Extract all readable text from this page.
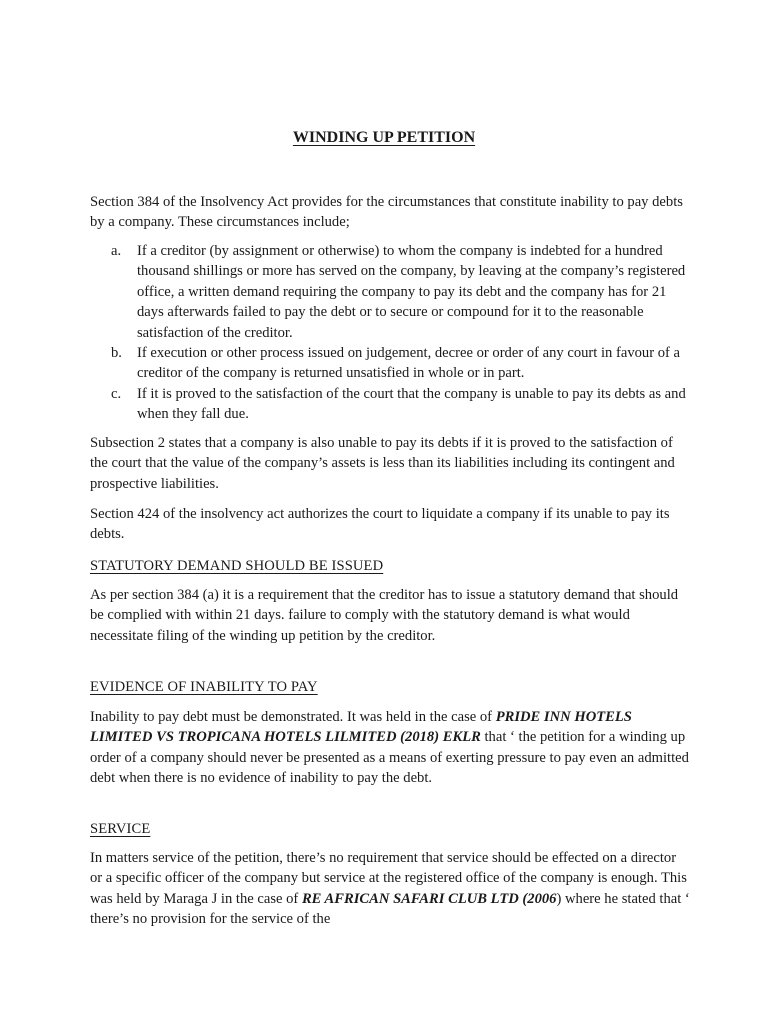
WINDING UP PETITION

Section 384 of the Insolvency Act provides for the circumstances that constitute inability to pay debts by a company. These circumstances include;

a. If a creditor (by assignment or otherwise) to whom the company is indebted for a hundred thousand shillings or more has served on the company, by leaving at the company’s registered office, a written demand requiring the company to pay its debt and the company has for 21 days afterwards failed to pay the debt or to secure or compound for it to the reasonable satisfaction of the creditor.
b. If execution or other process issued on judgement, decree or order of any court in favour of a creditor of the company is returned unsatisfied in whole or in part.
c. If it is proved to the satisfaction of the court that the company is unable to pay its debts as and when they fall due.

Subsection 2 states that a company is also unable to pay its debts if it is proved to the satisfaction of the court that the value of the company’s assets is less than its liabilities including its contingent and prospective liabilities.

Section 424 of the insolvency act authorizes the court to liquidate a company if its unable to pay its debts.

STATUTORY DEMAND SHOULD BE ISSUED

As per section 384 (a) it is a requirement that the creditor has to issue a statutory demand that should be complied with within 21 days. failure to comply with the statutory demand is what would necessitate filing of the winding up petition by the creditor.

EVIDENCE OF INABILITY TO PAY

Inability to pay debt must be demonstrated. It was held in the case of PRIDE INN HOTELS LIMITED VS TROPICANA HOTELS LILMITED (2018) EKLR that ‘ the petition for a winding up order of a company should never be presented as a means of exerting pressure to pay even an admitted debt when there is no evidence of inability to pay the debt.

SERVICE

In matters service of the petition, there’s no requirement that service should be effected on a director or a specific officer of the company but service at the registered office of the company is enough. This was held by Maraga J in the case of RE AFRICAN SAFARI CLUB LTD (2006) where he stated that ‘ there’s no provision for the service of the
